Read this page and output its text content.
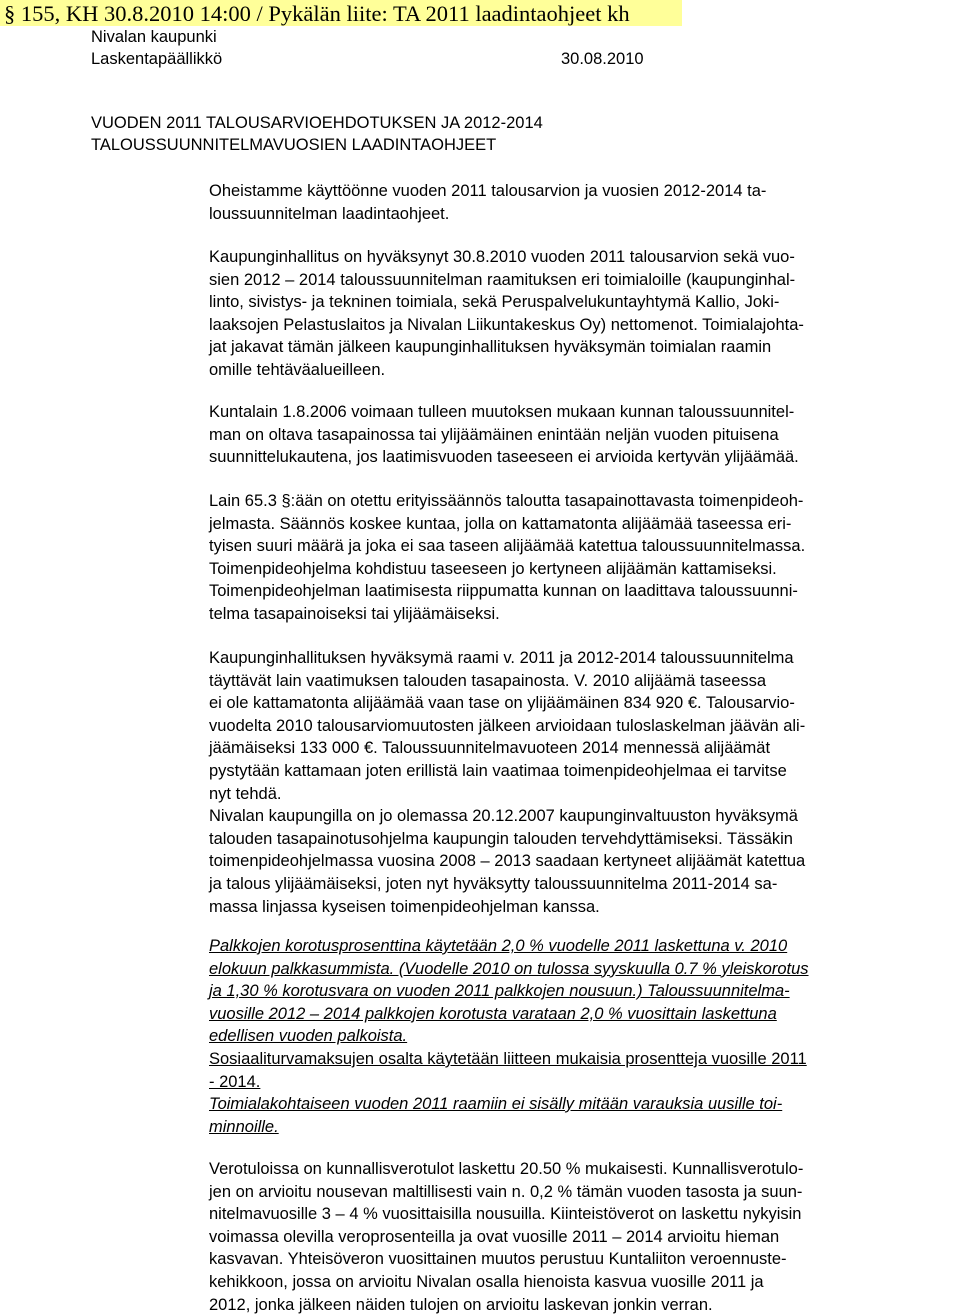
§ 155, KH 30.8.2010 14:00 / Pykälän liite: TA 2011 laadintaohjeet kh
Nivalan kaupunki
Laskentapäällikkö	30.08.2010
VUODEN 2011 TALOUSARVIOEHDOTUKSEN JA 2012-2014
TALOUSSUUNNITELMAVUOSIEN LAADINTAOHJEET
Oheistamme käyttöönne vuoden 2011 talousarvion ja vuosien 2012-2014 ta-
loussuunnitelman laadintaohjeet.
Kaupunginhallitus on hyväksynyt 30.8.2010 vuoden 2011 talousarvion sekä vuo-
sien 2012 – 2014 taloussuunnitelman raamituksen eri toimialoille (kaupunginhal-
linto, sivistys- ja tekninen toimiala, sekä Peruspalvelukuntayhtymä Kallio, Joki-
laaksojen Pelastuslaitos ja Nivalan Liikuntakeskus Oy) nettomenot. Toimialajohta-
jat jakavat tämän jälkeen kaupunginhallituksen hyväksymän toimialan raamin
omille tehtäväalueilleen.
Kuntalain 1.8.2006 voimaan tulleen muutoksen mukaan kunnan taloussuunnitel-
man on oltava tasapainossa tai ylijäämäinen enintään neljän vuoden pituisena
suunnittelukautena, jos laatimisvuoden taseeseen ei arvioida kertyvän ylijäämää.
Lain 65.3 §:ään on otettu erityissäännös taloutta tasapainottavasta toimenpideoh-
jelmasta. Säännös koskee kuntaa, jolla on kattamatonta alijäämää taseessa eri-
tyisen suuri määrä ja joka ei saa taseen alijäämää katettua taloussuunnitelmassa.
Toimenpideohjelma kohdistuu taseeseen jo kertyneen alijäämän kattamiseksi.
Toimenpideohjelman laatimisesta riippumatta kunnan on laadittava taloussuunni-
telma tasapainoiseksi tai ylijäämäiseksi.
Kaupunginhallituksen hyväksymä raami v. 2011 ja 2012-2014 taloussuunnitelma
täyttävät lain vaatimuksen talouden tasapainosta. V. 2010 alijäämä taseessa
ei ole kattamatonta alijäämää vaan tase on ylijäämäinen 834 920 €. Talousarvio-
vuodelta 2010 talousarviomuutosten jälkeen arvioidaan tuloslaskelman jäävän ali-
jäämäiseksi 133 000 €. Taloussuunnitelmavuoteen 2014 mennessä alijäämät
pystytään kattamaan joten erillistä lain vaatimaa toimenpideohjelmaa ei tarvitse
nyt tehdä.
Nivalan kaupungilla on jo olemassa 20.12.2007 kaupunginvaltuuston hyväksymä
talouden tasapainotusohjelma kaupungin talouden tervehdyttämiseksi. Tässäkin
toimenpideohjelmassa vuosina 2008 – 2013 saadaan kertyneet alijäämät katettua
ja talous ylijäämäiseksi, joten nyt hyväksytty taloussuunnitelma 2011-2014 sa-
massa linjassa kyseisen toimenpideohjelman kanssa.
Palkkojen korotusprosenttina käytetään 2,0 % vuodelle 2011 laskettuna v. 2010
elokuun palkkasummista. (Vuodelle 2010 on tulossa syyskuulla 0.7 % yleiskorotus
ja 1,30 % korotusvara on vuoden 2011 palkkojen nousuun.) Taloussuunnitelma-
vuosille 2012 – 2014 palkkojen korotusta varataan 2,0 % vuosittain laskettuna
edellisen vuoden palkoista.
Sosiaaliturvamaksujen osalta käytetään liitteen mukaisia prosentteja vuosille 2011
- 2014.
Toimialakohtaiseen vuoden 2011 raamiin ei sisälly mitään varauksia uusille toi-
minnoille.
Verotuloissa on kunnallisverotulot laskettu 20.50 % mukaisesti. Kunnallisverotulo-
jen on arvioitu nousevan maltillisesti vain n. 0,2 % tämän vuoden tasosta ja suun-
nitelmavuosille 3 – 4 % vuosittaisilla nousuilla. Kiinteistöverot on laskettu nykyisin
voimassa olevilla veroprosenteilla ja ovat vuosille 2011 – 2014 arvioitu hieman
kasvavan. Yhteisöveron vuosittainen muutos perustuu Kuntaliiton veroennuste-
kehikkoon, jossa on arvioitu Nivalan osalla hienoista kasvua vuosille 2011 ja
2012, jonka jälkeen näiden tulojen on arvioitu laskevan jonkin verran.
